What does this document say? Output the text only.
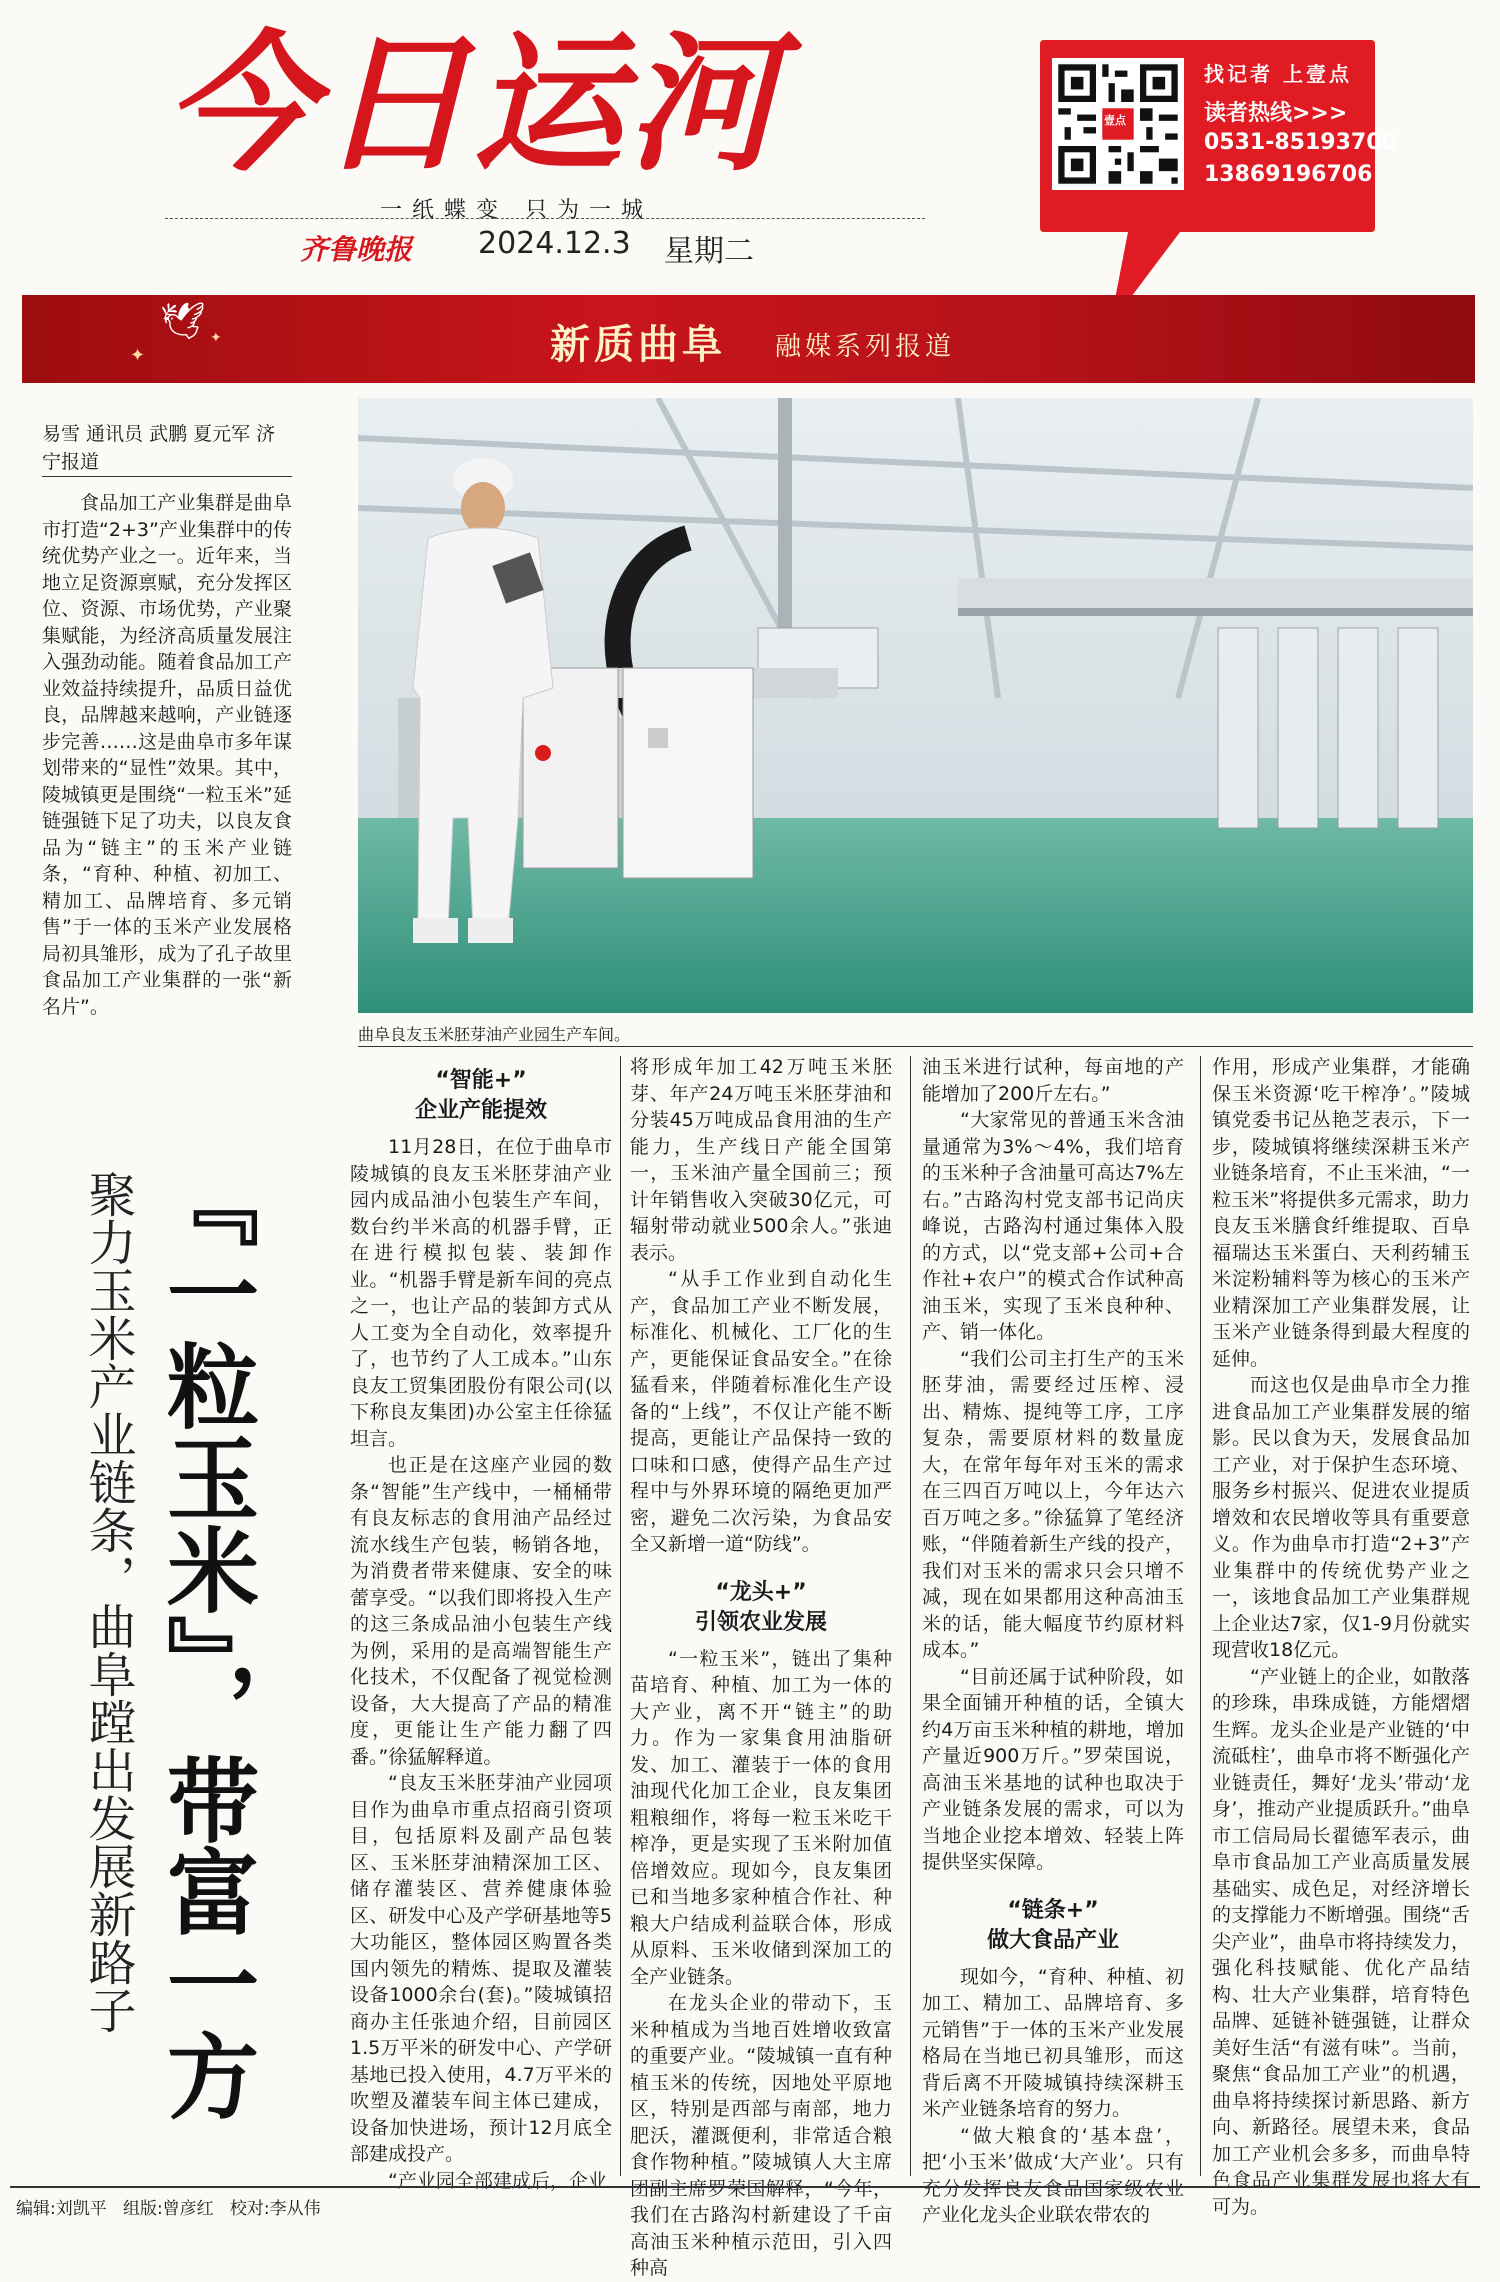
今日运河
一纸蝶变 只为一城
齐鲁晚报 2024.12.3 星期二
壹点
找记者 上壹点
读者热线>>>
0531-85193700
13869196706
🕊
✦
✦	新质曲阜 融媒系列报道
易雪 通讯员 武鹏 夏元军 济宁报道
食品加工产业集群是曲阜市打造“2+3”产业集群中的传统优势产业之一。近年来，当地立足资源禀赋，充分发挥区位、资源、市场优势，产业聚集赋能，为经济高质量发展注入强劲动能。随着食品加工产业效益持续提升，品质日益优良，品牌越来越响，产业链逐步完善……这是曲阜市多年谋划带来的“显性”效果。其中，陵城镇更是围绕“一粒玉米”延链强链下足了功夫，以良友食品为“链主”的玉米产业链条，“育种、种植、初加工、精加工、品牌培育、多元销售”于一体的玉米产业发展格局初具雏形，成为了孔子故里食品加工产业集群的一张“新名片”。
曲阜良友玉米胚芽油产业园生产车间。
『一粒玉米』，带富一方
聚力玉米产业链条，曲阜蹚出发展新路子
“智能+”
企业产能提效

11月28日，在位于曲阜市陵城镇的良友玉米胚芽油产业园内成品油小包装生产车间，数台约半米高的机器手臂，正在进行模拟包装、装卸作业。“机器手臂是新车间的亮点之一，也让产品的装卸方式从人工变为全自动化，效率提升了，也节约了人工成本。”山东良友工贸集团股份有限公司(以下称良友集团)办公室主任徐猛坦言。

也正是在这座产业园的数条“智能”生产线中，一桶桶带有良友标志的食用油产品经过流水线生产包装，畅销各地，为消费者带来健康、安全的味蕾享受。“以我们即将投入生产的这三条成品油小包装生产线为例，采用的是高端智能生产化技术，不仅配备了视觉检测设备，大大提高了产品的精准度，更能让生产能力翻了四番。”徐猛解释道。

“良友玉米胚芽油产业园项目作为曲阜市重点招商引资项目，包括原料及副产品包装区、玉米胚芽油精深加工区、储存灌装区、营养健康体验区、研发中心及产学研基地等5大功能区，整体园区购置各类国内领先的精炼、提取及灌装设备1000余台(套)。”陵城镇招商办主任张迪介绍，目前园区1.5万平米的研发中心、产学研基地已投入使用，4.7万平米的吹塑及灌装车间主体已建成，设备加快进场，预计12月底全部建成投产。

“产业园全部建成后，企业

将形成年加工42万吨玉米胚芽、年产24万吨玉米胚芽油和分装45万吨成品食用油的生产能力，生产线日产能全国第一，玉米油产量全国前三；预计年销售收入突破30亿元，可辐射带动就业500余人。”张迪表示。

“从手工作业到自动化生产，食品加工产业不断发展，标准化、机械化、工厂化的生产，更能保证食品安全。”在徐猛看来，伴随着标准化生产设备的“上线”，不仅让产能不断提高，更能让产品保持一致的口味和口感，使得产品生产过程中与外界环境的隔绝更加严密，避免二次污染，为食品安全又新增一道“防线”。

“龙头+”
引领农业发展

“一粒玉米”，链出了集种苗培育、种植、加工为一体的大产业，离不开“链主”的助力。作为一家集食用油脂研发、加工、灌装于一体的食用油现代化加工企业，良友集团粗粮细作，将每一粒玉米吃干榨净，更是实现了玉米附加值倍增效应。现如今，良友集团已和当地多家种植合作社、种粮大户结成利益联合体，形成从原料、玉米收储到深加工的全产业链条。

在龙头企业的带动下，玉米种植成为当地百姓增收致富的重要产业。“陵城镇一直有种植玉米的传统，因地处平原地区，特别是西部与南部，地力肥沃，灌溉便利，非常适合粮食作物种植。”陵城镇人大主席团副主席罗荣国解释，“今年，我们在古路沟村新建设了千亩高油玉米种植示范田，引入四种高

油玉米进行试种，每亩地的产能增加了200斤左右。”

“大家常见的普通玉米含油量通常为3%～4%，我们培育的玉米种子含油量可高达7%左右。”古路沟村党支部书记尚庆峰说，古路沟村通过集体入股的方式，以“党支部+公司+合作社+农户”的模式合作试种高油玉米，实现了玉米良种种、产、销一体化。

“我们公司主打生产的玉米胚芽油，需要经过压榨、浸出、精炼、提纯等工序，工序复杂，需要原材料的数量庞大，在常年每年对玉米的需求在三四百万吨以上，今年达六百万吨之多。”徐猛算了笔经济账，“伴随着新生产线的投产，我们对玉米的需求只会只增不减，现在如果都用这种高油玉米的话，能大幅度节约原材料成本。”

“目前还属于试种阶段，如果全面铺开种植的话，全镇大约4万亩玉米种植的耕地，增加产量近900万斤。”罗荣国说，高油玉米基地的试种也取决于产业链条发展的需求，可以为当地企业挖本增效、轻装上阵提供坚实保障。

“链条+”
做大食品产业

现如今，“育种、种植、初加工、精加工、品牌培育、多元销售”于一体的玉米产业发展格局在当地已初具雏形，而这背后离不开陵城镇持续深耕玉米产业链条培育的努力。

“做大粮食的‘基本盘’，把‘小玉米’做成‘大产业’。只有充分发挥良友食品国家级农业产业化龙头企业联农带农的

作用，形成产业集群，才能确保玉米资源‘吃干榨净’。”陵城镇党委书记丛艳芝表示，下一步，陵城镇将继续深耕玉米产业链条培育，不止玉米油，“一粒玉米”将提供多元需求，助力良友玉米膳食纤维提取、百阜福瑞达玉米蛋白、天利药辅玉米淀粉辅料等为核心的玉米产业精深加工产业集群发展，让玉米产业链条得到最大程度的延伸。

而这也仅是曲阜市全力推进食品加工产业集群发展的缩影。民以食为天，发展食品加工产业，对于保护生态环境、服务乡村振兴、促进农业提质增效和农民增收等具有重要意义。作为曲阜市打造“2+3”产业集群中的传统优势产业之一，该地食品加工产业集群规上企业达7家，仅1-9月份就实现营收18亿元。

“产业链上的企业，如散落的珍珠，串珠成链，方能熠熠生辉。龙头企业是产业链的‘中流砥柱’，曲阜市将不断强化产业链责任，舞好‘龙头’带动‘龙身’，推动产业提质跃升。”曲阜市工信局局长翟德军表示，曲阜市食品加工产业高质量发展基础实、成色足，对经济增长的支撑能力不断增强。围绕“舌尖产业”，曲阜市将持续发力，强化科技赋能、优化产品结构、壮大产业集群，培育特色品牌、延链补链强链，让群众美好生活“有滋有味”。当前，聚焦“食品加工产业”的机遇，曲阜将持续探讨新思路、新方向、新路径。展望未来，食品加工产业机会多多，而曲阜特色食品产业集群发展也将大有可为。

编辑:刘凯平 组版:曾彦红 校对:李从伟
